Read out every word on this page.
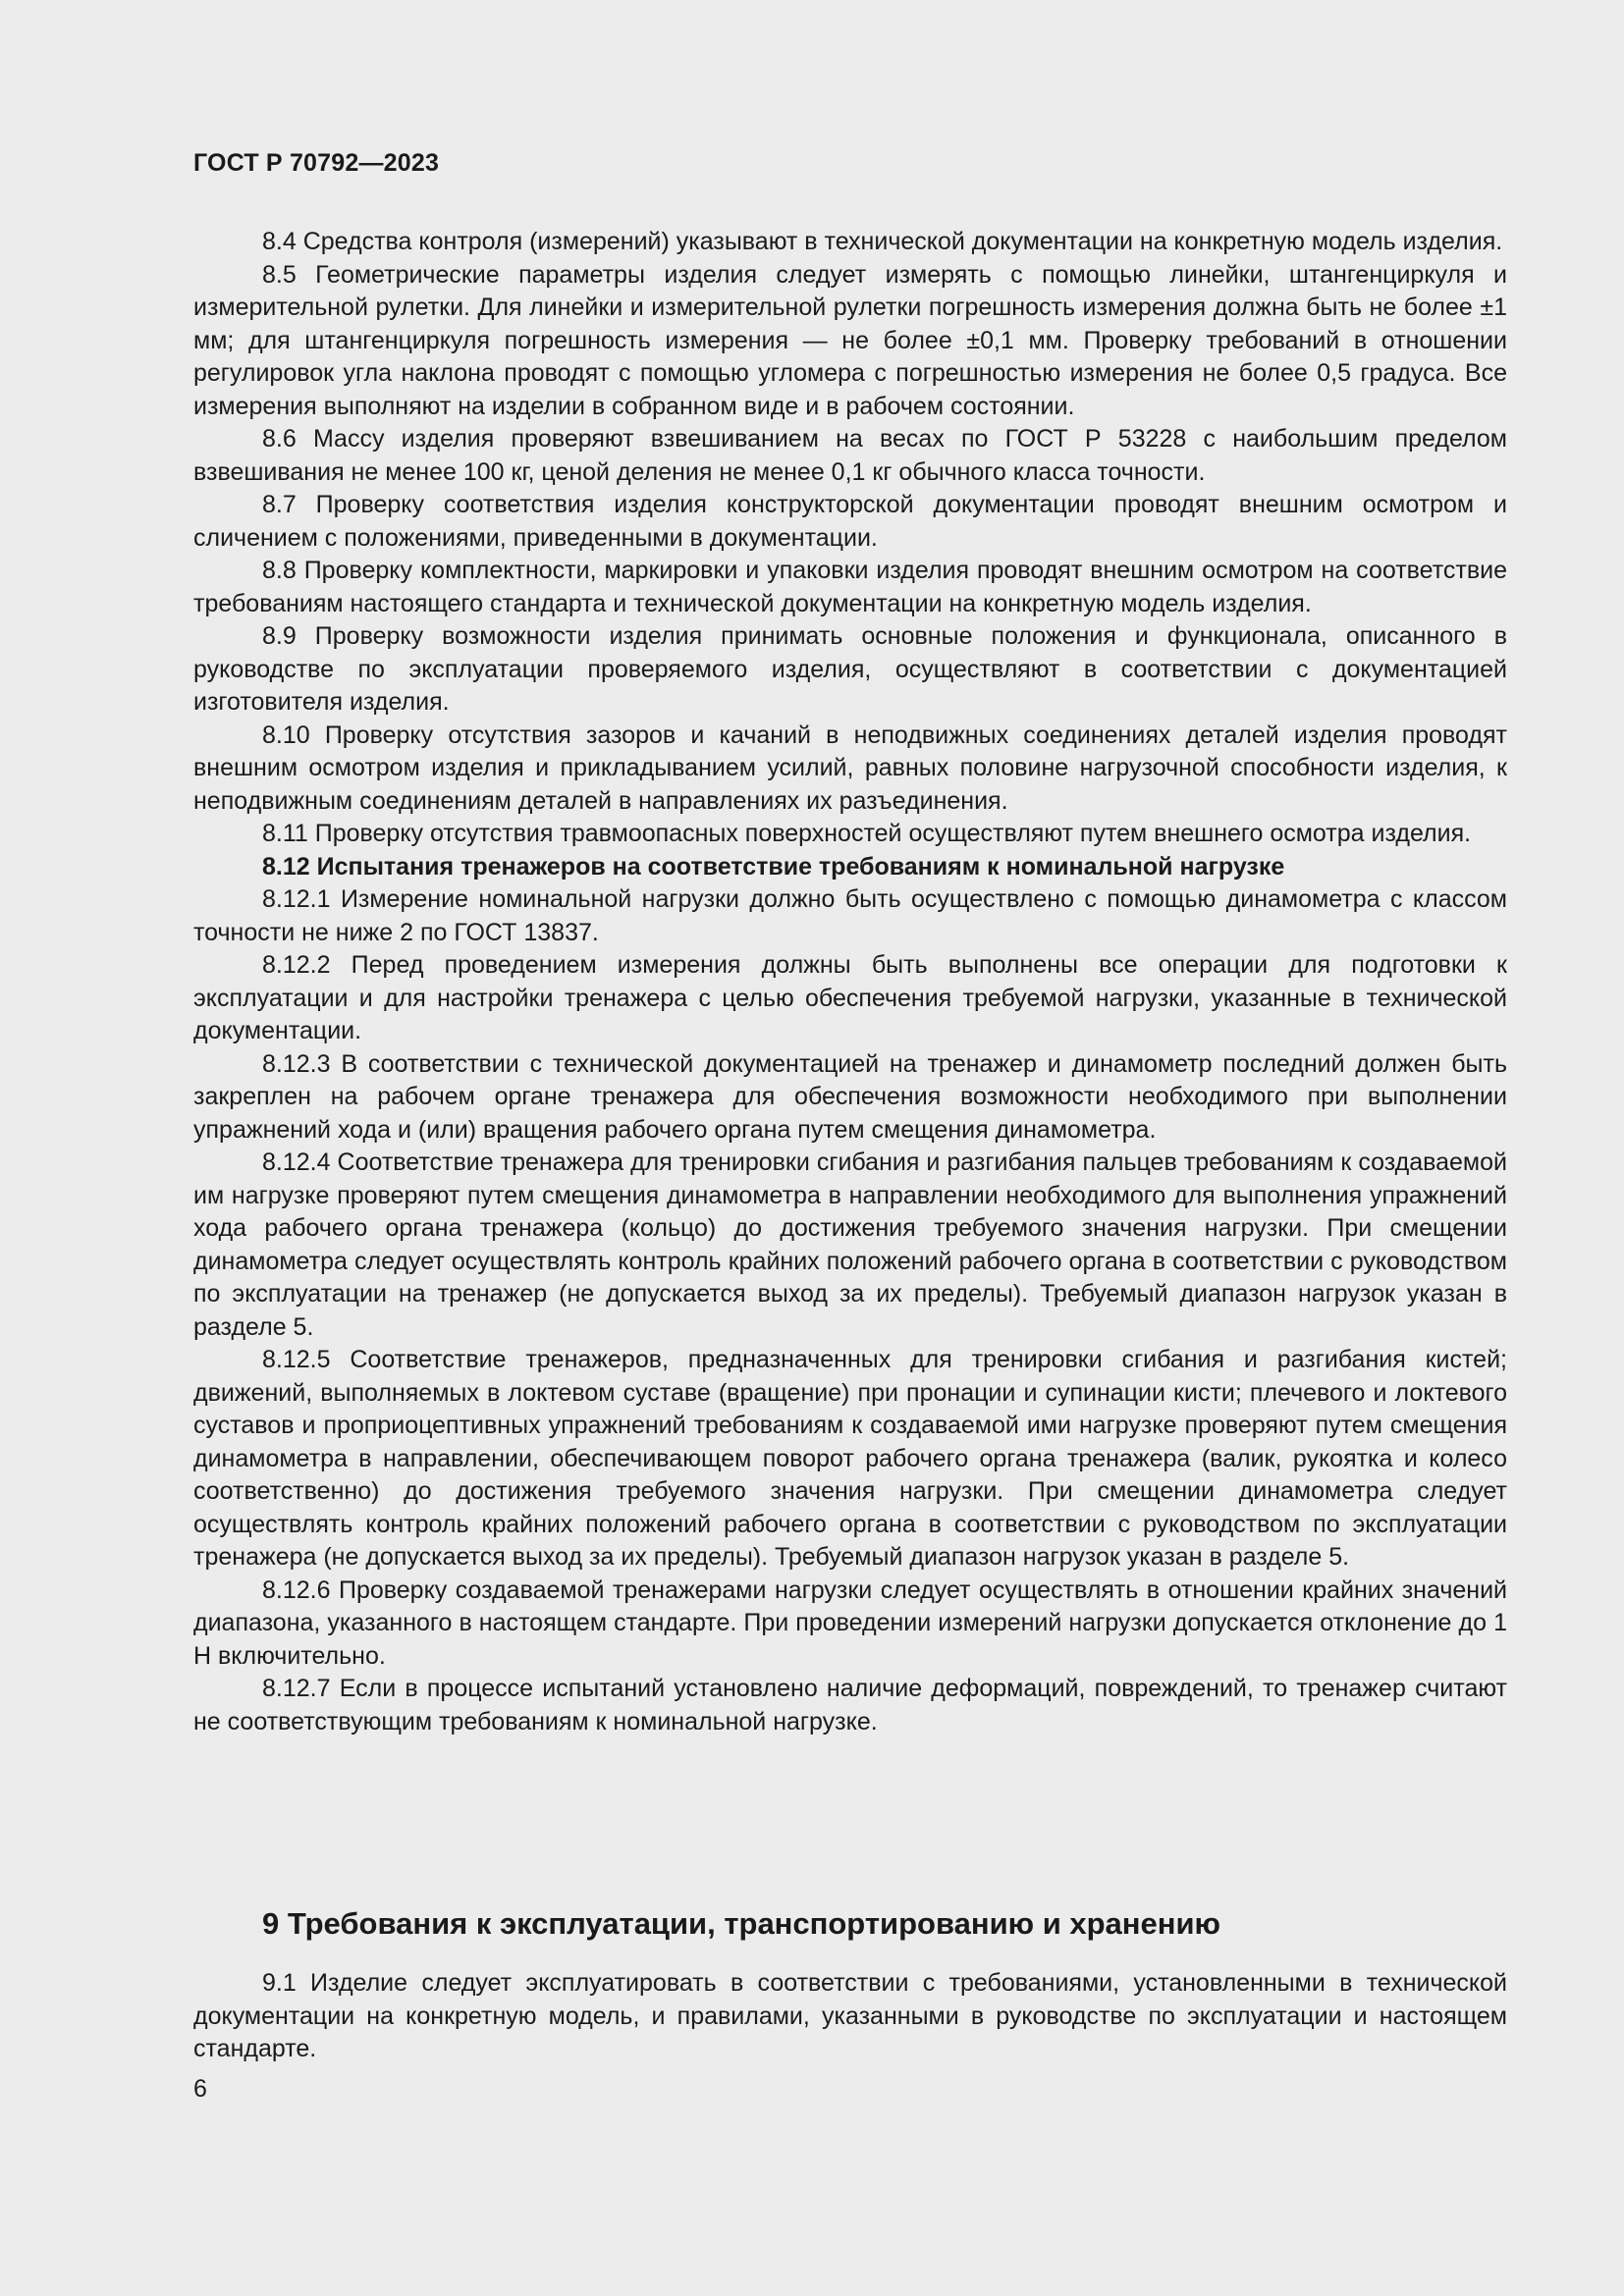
ГОСТ Р 70792—2023

8.4 Средства контроля (измерений) указывают в технической документации на конкретную модель изделия.

8.5 Геометрические параметры изделия следует измерять с помощью линейки, штангенциркуля и измерительной рулетки. Для линейки и измерительной рулетки погрешность измерения должна быть не более ±1 мм; для штангенциркуля погрешность измерения — не более ±0,1 мм. Проверку требований в отношении регулировок угла наклона проводят с помощью угломера с погрешностью измерения не более 0,5 градуса. Все измерения выполняют на изделии в собранном виде и в рабочем состоянии.

8.6 Массу изделия проверяют взвешиванием на весах по ГОСТ Р 53228 с наибольшим пределом взвешивания не менее 100 кг, ценой деления не менее 0,1 кг обычного класса точности.

8.7 Проверку соответствия изделия конструкторской документации проводят внешним осмотром и сличением с положениями, приведенными в документации.

8.8 Проверку комплектности, маркировки и упаковки изделия проводят внешним осмотром на соответствие требованиям настоящего стандарта и технической документации на конкретную модель изделия.

8.9 Проверку возможности изделия принимать основные положения и функционала, описанного в руководстве по эксплуатации проверяемого изделия, осуществляют в соответствии с документацией изготовителя изделия.

8.10 Проверку отсутствия зазоров и качаний в неподвижных соединениях деталей изделия проводят внешним осмотром изделия и прикладыванием усилий, равных половине нагрузочной способности изделия, к неподвижным соединениям деталей в направлениях их разъединения.

8.11 Проверку отсутствия травмоопасных поверхностей осуществляют путем внешнего осмотра изделия.

8.12 Испытания тренажеров на соответствие требованиям к номинальной нагрузке

8.12.1 Измерение номинальной нагрузки должно быть осуществлено с помощью динамометра с классом точности не ниже 2 по ГОСТ 13837.

8.12.2 Перед проведением измерения должны быть выполнены все операции для подготовки к эксплуатации и для настройки тренажера с целью обеспечения требуемой нагрузки, указанные в технической документации.

8.12.3 В соответствии с технической документацией на тренажер и динамометр последний должен быть закреплен на рабочем органе тренажера для обеспечения возможности необходимого при выполнении упражнений хода и (или) вращения рабочего органа путем смещения динамометра.

8.12.4 Соответствие тренажера для тренировки сгибания и разгибания пальцев требованиям к создаваемой им нагрузке проверяют путем смещения динамометра в направлении необходимого для выполнения упражнений хода рабочего органа тренажера (кольцо) до достижения требуемого значения нагрузки. При смещении динамометра следует осуществлять контроль крайних положений рабочего органа в соответствии с руководством по эксплуатации на тренажер (не допускается выход за их пределы). Требуемый диапазон нагрузок указан в разделе 5.

8.12.5 Соответствие тренажеров, предназначенных для тренировки сгибания и разгибания кистей; движений, выполняемых в локтевом суставе (вращение) при пронации и супинации кисти; плечевого и локтевого суставов и проприоцептивных упражнений требованиям к создаваемой ими нагрузке проверяют путем смещения динамометра в направлении, обеспечивающем поворот рабочего органа тренажера (валик, рукоятка и колесо соответственно) до достижения требуемого значения нагрузки. При смещении динамометра следует осуществлять контроль крайних положений рабочего органа в соответствии с руководством по эксплуатации тренажера (не допускается выход за их пределы). Требуемый диапазон нагрузок указан в разделе 5.

8.12.6 Проверку создаваемой тренажерами нагрузки следует осуществлять в отношении крайних значений диапазона, указанного в настоящем стандарте. При проведении измерений нагрузки допускается отклонение до 1 Н включительно.

8.12.7 Если в процессе испытаний установлено наличие деформаций, повреждений, то тренажер считают не соответствующим требованиям к номинальной нагрузке.

9 Требования к эксплуатации, транспортированию и хранению

9.1 Изделие следует эксплуатировать в соответствии с требованиями, установленными в технической документации на конкретную модель, и правилами, указанными в руководстве по эксплуатации и настоящем стандарте.

6
